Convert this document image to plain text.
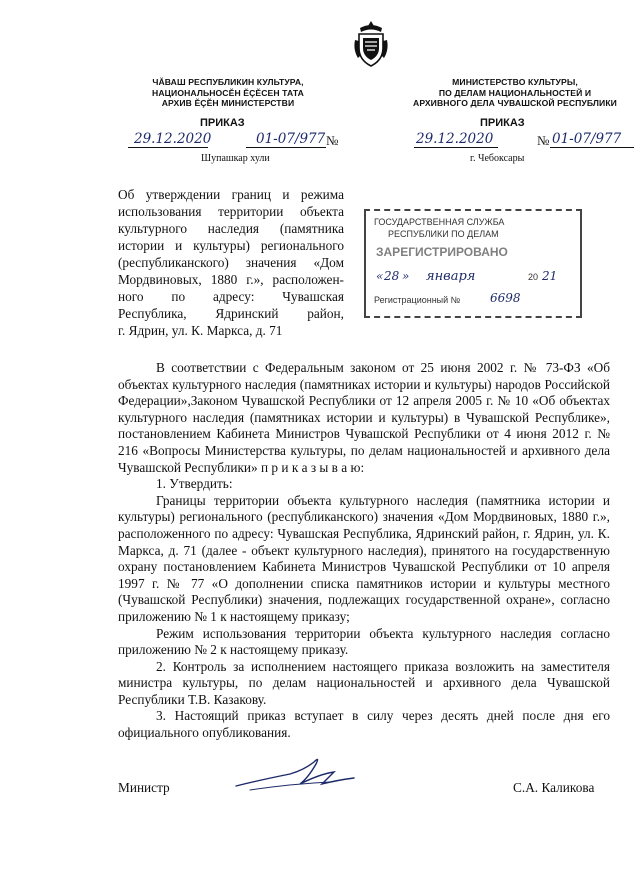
ЧĂВАШ РЕСПУБЛИКИН КУЛЬТУРА,
НАЦИОНАЛЬНОСĔН ĔÇĔСЕН ТАТА
АРХИВ ĔÇĔН МИНИСТЕРСТВИ
МИНИСТЕРСТВО КУЛЬТУРЫ,
ПО ДЕЛАМ НАЦИОНАЛЬНОСТЕЙ И
АРХИВНОГО ДЕЛА ЧУВАШСКОЙ РЕСПУБЛИКИ
ПРИКАЗ	ПРИКАЗ
29.12.2020	01-07/977 №
Шупашкар хули
29.12.2020	№ 01-07/977
г. Чебоксары
Об утверждении границ и режима
использования территории объекта
культурного наследия (памятника
истории и культуры) регионального
(республиканского) значения «Дом
Мордвиновых, 1880 г.», расположен-
ного по адресу: Чувашская
Республика, Ядринский район,
г. Ядрин, ул. К. Маркса, д. 71
ГОСУДАРСТВЕННАЯ СЛУЖБА
РЕСПУБЛИКИ ПО ДЕЛАМ
ЗАРЕГИСТРИРОВАНО
« 28 » января	20 21
Регистрационный № 6698

В соответствии с Федеральным законом от 25 июня 2002 г. № 73-ФЗ «Об объектах культурного наследия (памятниках истории и культуры) народов Российской Федерации»,Законом Чувашской Республики от 12 апреля 2005 г. № 10 «Об объектах культурного наследия (памятниках истории и культуры) в Чувашской Республике», постановлением Кабинета Министров Чувашской Республики от 4 июня 2012 г. № 216 «Вопросы Министерства культуры, по делам национальностей и архивного дела Чувашской Республики» п р и к а з ы в а ю:

1. Утвердить:

Границы территории объекта культурного наследия (памятника истории и культуры) регионального (республиканского) значения «Дом Мордвиновых, 1880 г.», расположенного по адресу: Чувашская Республика, Ядринский район, г. Ядрин, ул. К. Маркса, д. 71 (далее - объект культурного наследия), принятого на государственную охрану постановлением Кабинета Министров Чувашской Республики от 10 апреля 1997 г. № 77 «О дополнении списка памятников истории и культуры местного (Чувашской Республики) значения, подлежащих государственной охране», согласно приложению № 1 к настоящему приказу;

Режим использования территории объекта культурного наследия согласно приложению № 2 к настоящему приказу.

2. Контроль за исполнением настоящего приказа возложить на заместителя министра культуры, по делам национальностей и архивного дела Чувашской Республики Т.В. Казакову.

3. Настоящий приказ вступает в силу через десять дней после дня его официального опубликования.

Министр	С.А. Каликова
